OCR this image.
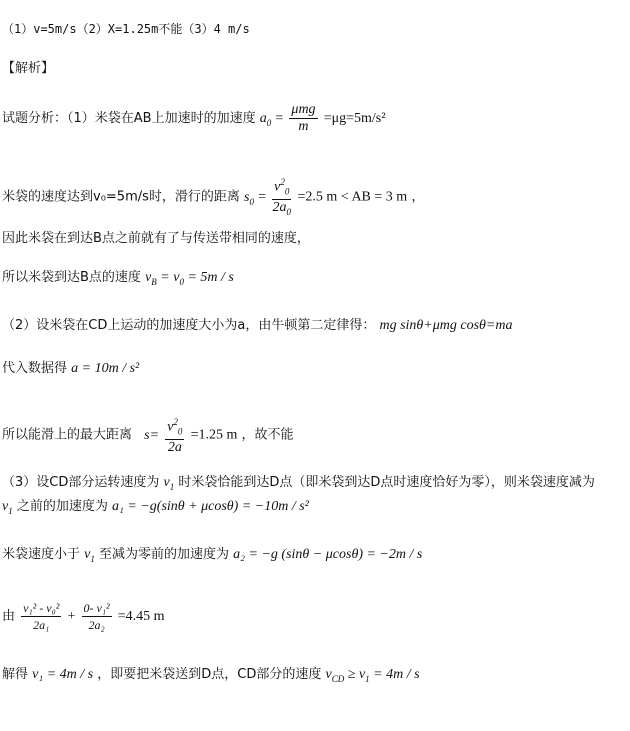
（1）v=5m/s（2）X=1.25m不能（3）4 m/s
【解析】
试题分析：（1）米袋在AB上加速时的加速度 $a_0 = \frac{\text{μmg}}{m} =\mu g=5m/s^2$
米袋的速度达到v₀=5m/s时，滑行的距离 $s_0 = \frac{v^2_0}{2a_0} =2.5$ m < AB = 3 m ，
因此米袋在到达B点之前就有了与传送带相同的速度，
所以米袋到达B点的速度 $v_B = v_0 = 5m / s$
（2）设米袋在CD上运动的加速度大小为a，由牛顿第二定律得： mg sinθ+μmg cosθ=ma
代入数据得 a = 10m / s²
所以能滑上的最大距离 $s= \frac{v^2_0}{2a} =1.25$ m ，故不能
（3）设CD部分运转速度为 $v_1$ 时米袋恰能到达D点（即米袋到达D点时速度恰好为零），则米袋速度减为
$v_1$ 之前的加速度为 a₁ = −g(sinθ + μcosθ) = −10m / s²
米袋速度小于 $v_1$ 至减为零前的加速度为 a₂ = −g (sinθ − μcosθ) = −2m / s
由 $\frac{\text{v₁² - v₀²}}{\text{2a₁}} + \frac{\text{0- v₁²}}{\text{2a₂}} =4.45$ m
解得 v₁ = 4m / s ，即要把米袋送到D点，CD部分的速度 $v_{CD} \ge v_1 = 4m / s$
